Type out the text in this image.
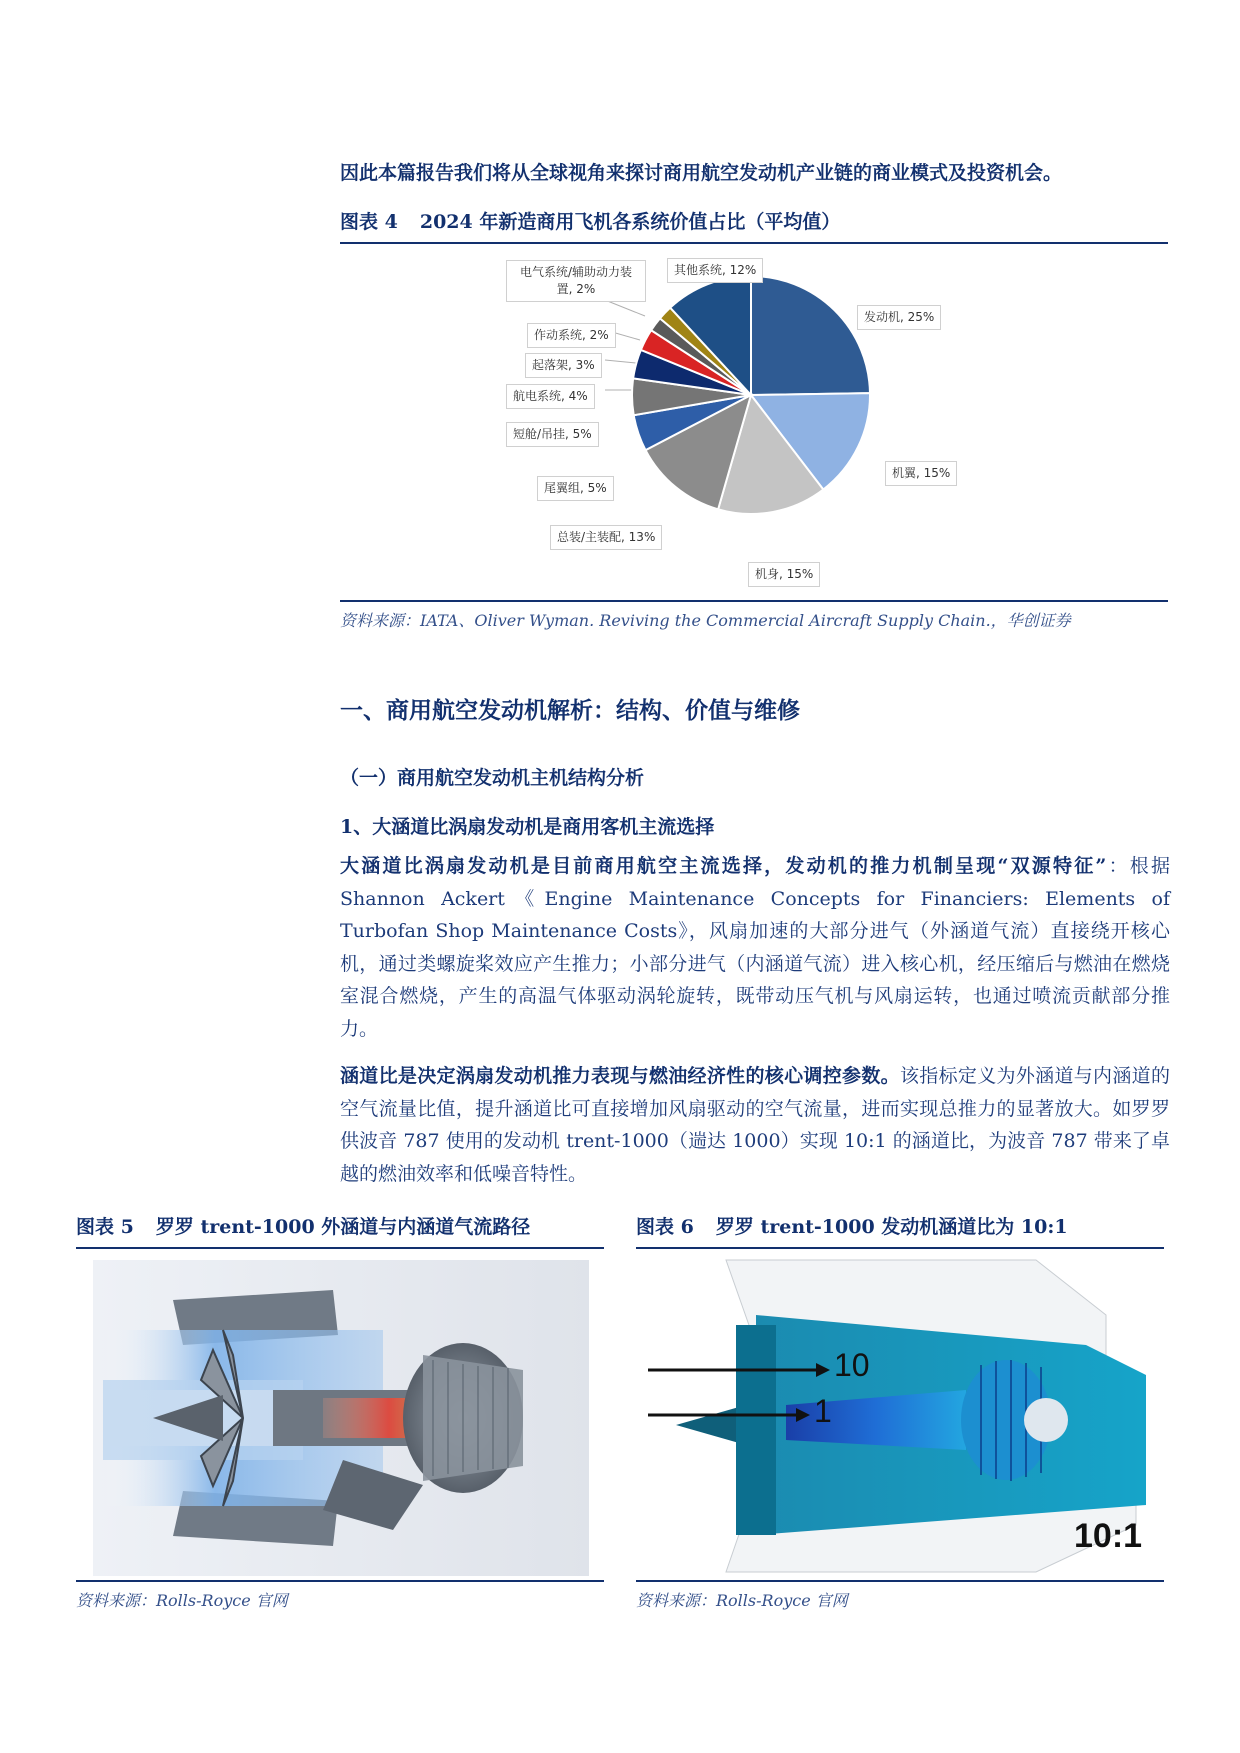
因此本篇报告我们将从全球视角来探讨商用航空发动机产业链的商业模式及投资机会。
图表 4 2024 年新造商用飞机各系统价值占比（平均值）
发动机, 25%
机翼, 15%
机身, 15%
总装/主装配, 13%
尾翼组, 5%
短舱/吊挂, 5%
航电系统, 4%
起落架, 3%
作动系统, 2%
电气系统/辅助动力装置, 2%
其他系统, 12%
资料来源：IATA、Oliver Wyman. Reviving the Commercial Aircraft Supply Chain.，华创证券
一、商用航空发动机解析：结构、价值与维修
（一）商用航空发动机主机结构分析
1、大涵道比涡扇发动机是商用客机主流选择
大涵道比涡扇发动机是目前商用航空主流选择，发动机的推力机制呈现“双源特征”：根据 Shannon Ackert《Engine Maintenance Concepts for Financiers: Elements of Turbofan Shop Maintenance Costs》，风扇加速的大部分进气（外涵道气流）直接绕开核心机，通过类螺旋桨效应产生推力；小部分进气（内涵道气流）进入核心机，经压缩后与燃油在燃烧室混合燃烧，产生的高温气体驱动涡轮旋转，既带动压气机与风扇运转，也通过喷流贡献部分推力。
涵道比是决定涡扇发动机推力表现与燃油经济性的核心调控参数。该指标定义为外涵道与内涵道的空气流量比值，提升涵道比可直接增加风扇驱动的空气流量，进而实现总推力的显著放大。如罗罗供波音 787 使用的发动机 trent-1000（遄达 1000）实现 10:1 的涵道比，为波音 787 带来了卓越的燃油效率和低噪音特性。
图表 5 罗罗 trent-1000 外涵道与内涵道气流路径
资料来源：Rolls-Royce 官网
图表 6 罗罗 trent-1000 发动机涵道比为 10:1
10
1
10:1
资料来源：Rolls-Royce 官网
